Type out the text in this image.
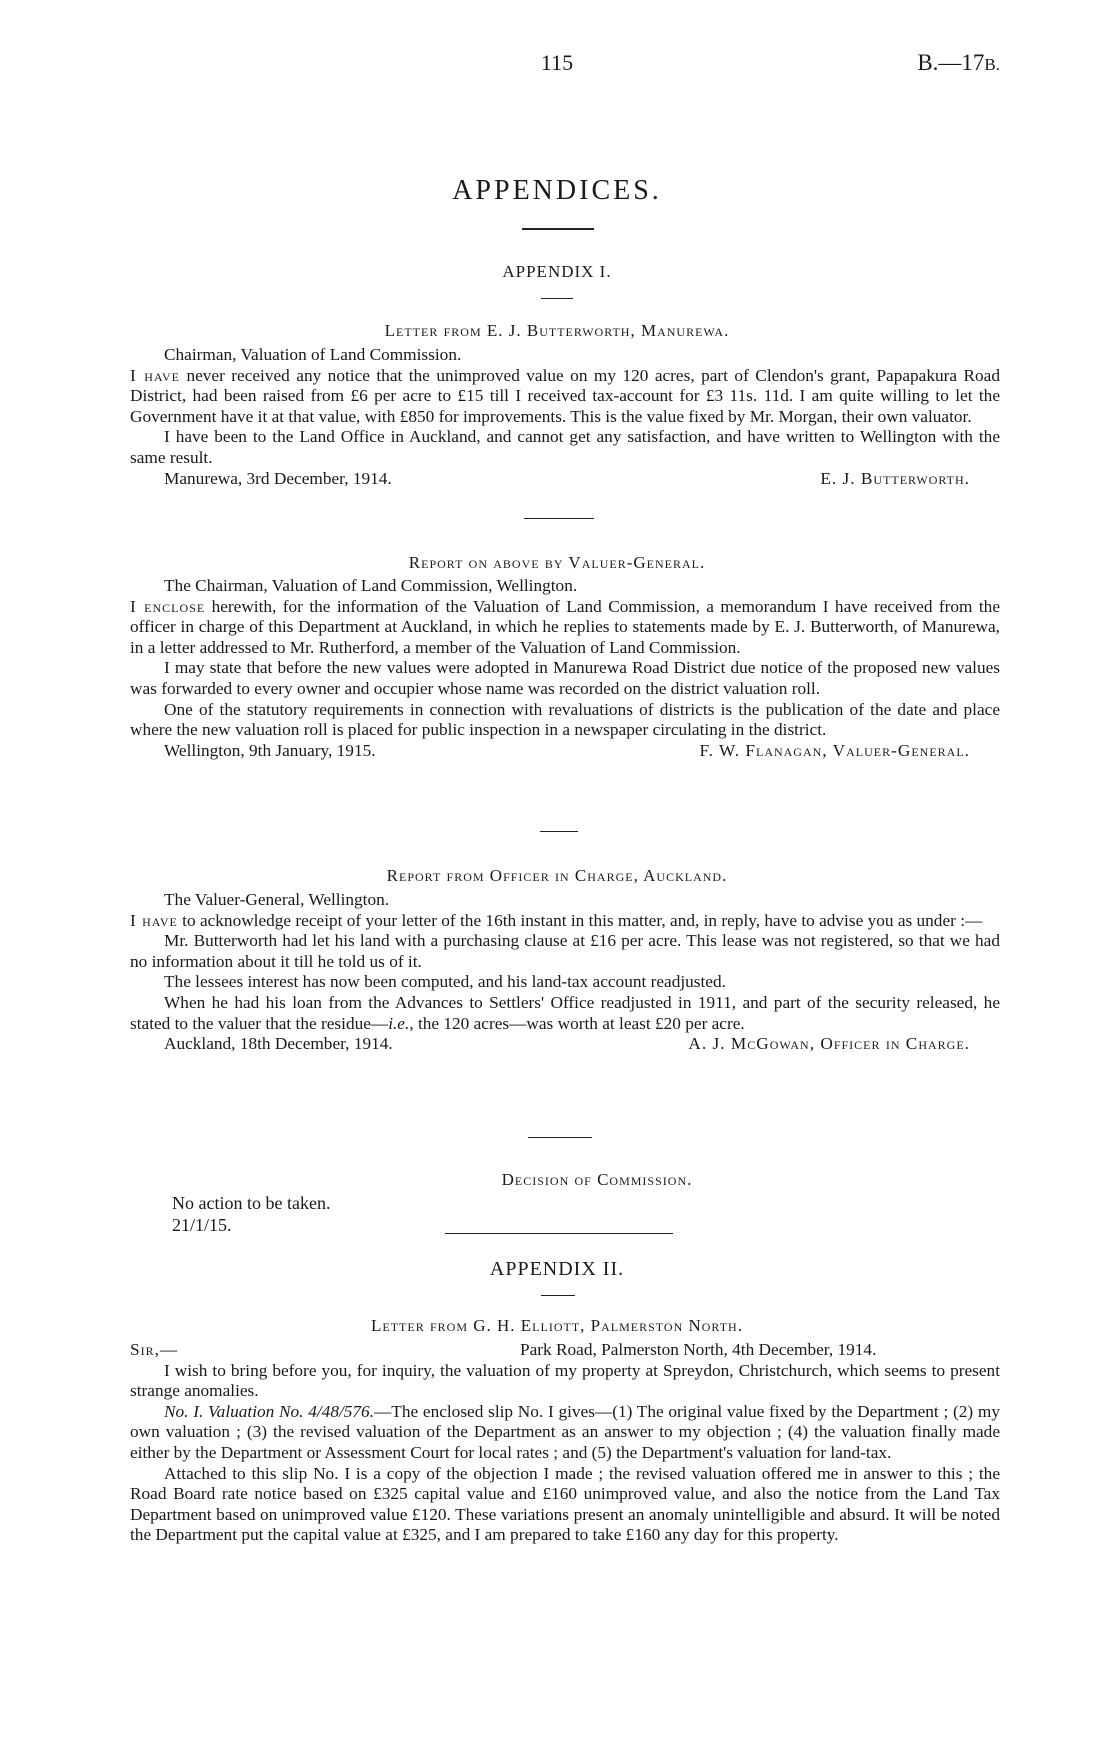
115	B.—17B.
APPENDICES.
APPENDIX I.
Letter from E. J. Butterworth, Manurewa.

Chairman, Valuation of Land Commission.

I have never received any notice that the unimproved value on my 120 acres, part of Clendon's grant, Papapakura Road District, had been raised from £6 per acre to £15 till I received tax-account for £3 11s. 11d. I am quite willing to let the Government have it at that value, with £850 for improvements. This is the value fixed by Mr. Morgan, their own valuator.

I have been to the Land Office in Auckland, and cannot get any satisfaction, and have written to Wellington with the same result.

Manurewa, 3rd December, 1914.	E. J. Butterworth.
Report on above by Valuer-General.

The Chairman, Valuation of Land Commission, Wellington.

I enclose herewith, for the information of the Valuation of Land Commission, a memorandum I have received from the officer in charge of this Department at Auckland, in which he replies to statements made by E. J. Butterworth, of Manurewa, in a letter addressed to Mr. Rutherford, a member of the Valuation of Land Commission.

I may state that before the new values were adopted in Manurewa Road District due notice of the proposed new values was forwarded to every owner and occupier whose name was recorded on the district valuation roll.

One of the statutory requirements in connection with revaluations of districts is the publication of the date and place where the new valuation roll is placed for public inspection in a newspaper circulating in the district.

Wellington, 9th January, 1915.	F. W. Flanagan, Valuer-General.
Report from Officer in Charge, Auckland.

The Valuer-General, Wellington.

I have to acknowledge receipt of your letter of the 16th instant in this matter, and, in reply, have to advise you as under :—

Mr. Butterworth had let his land with a purchasing clause at £16 per acre. This lease was not registered, so that we had no information about it till he told us of it.

The lessees interest has now been computed, and his land-tax account readjusted.

When he had his loan from the Advances to Settlers' Office readjusted in 1911, and part of the security released, he stated to the valuer that the residue—i.e., the 120 acres—was worth at least £20 per acre.

Auckland, 18th December, 1914.	A. J. McGowan, Officer in Charge.
Decision of Commission.
No action to be taken.
21/1/15.
APPENDIX II.
Letter from G. H. Elliott, Palmerston North.
Sir,—	Park Road, Palmerston North, 4th December, 1914.

I wish to bring before you, for inquiry, the valuation of my property at Spreydon, Christchurch, which seems to present strange anomalies.

No. I. Valuation No. 4/48/576.—The enclosed slip No. I gives—(1) The original value fixed by the Department ; (2) my own valuation ; (3) the revised valuation of the Department as an answer to my objection ; (4) the valuation finally made either by the Department or Assessment Court for local rates ; and (5) the Department's valuation for land-tax.

Attached to this slip No. I is a copy of the objection I made ; the revised valuation offered me in answer to this ; the Road Board rate notice based on £325 capital value and £160 unimproved value, and also the notice from the Land Tax Department based on unimproved value £120. These variations present an anomaly unintelligible and absurd. It will be noted the Department put the capital value at £325, and I am prepared to take £160 any day for this property.
